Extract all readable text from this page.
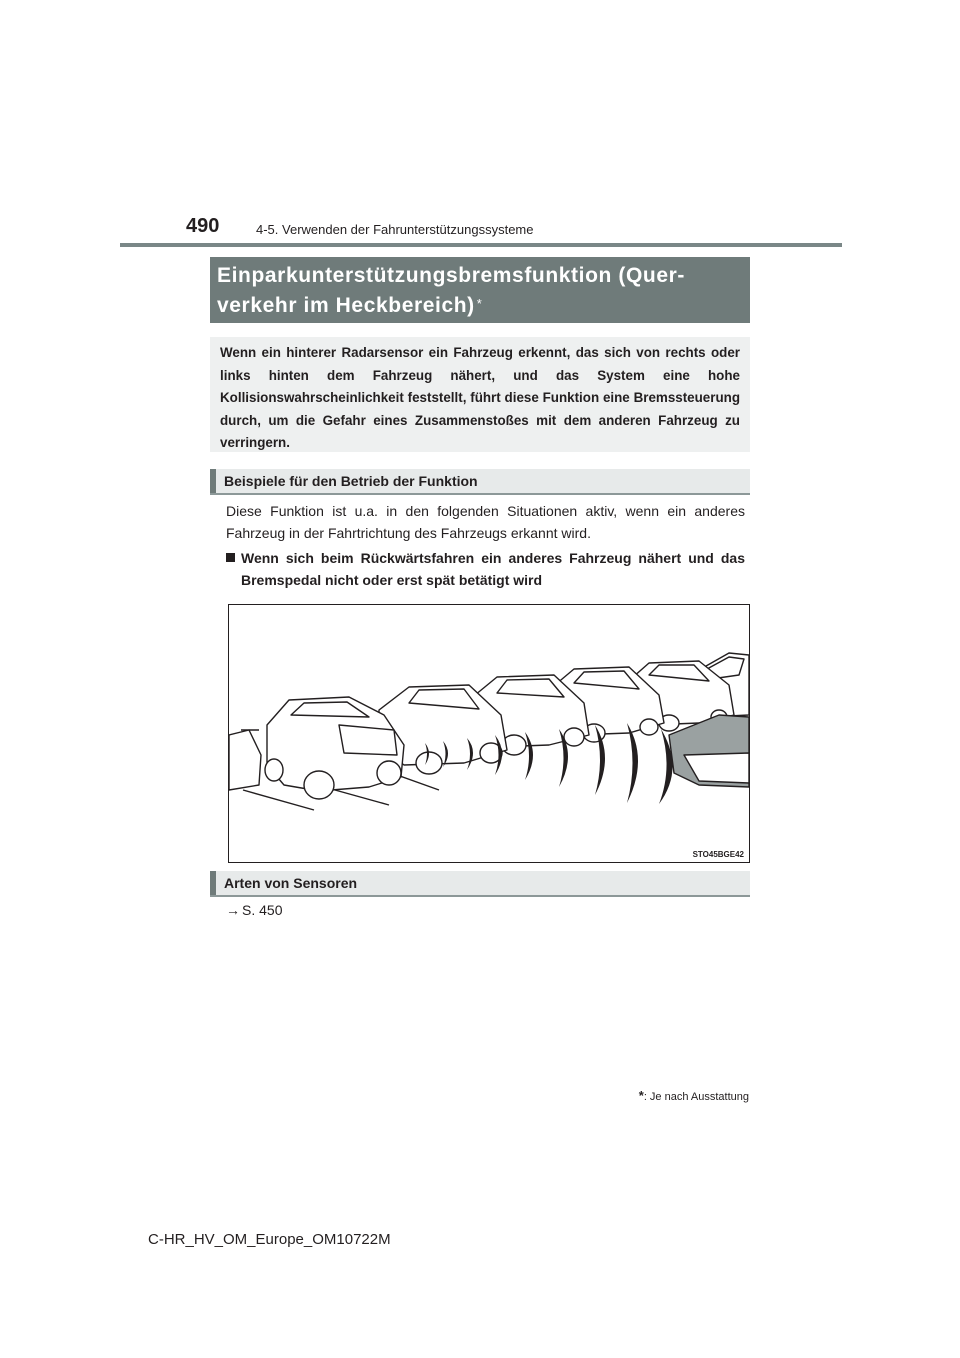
490	4-5. Verwenden der Fahrunterstützungssysteme
Einparkunterstützungsbremsfunktion (Quer-
verkehr im Heckbereich) *
Wenn ein hinterer Radarsensor ein Fahrzeug erkennt, das sich von rechts oder links hinten dem Fahrzeug nähert, und das System eine hohe Kollisionswahrscheinlichkeit feststellt, führt diese Funktion eine Bremssteuerung durch, um die Gefahr eines Zusammenstoßes mit dem anderen Fahrzeug zu verringern.
Beispiele für den Betrieb der Funktion
Diese Funktion ist u.a. in den folgenden Situationen aktiv, wenn ein anderes Fahrzeug in der Fahrtrichtung des Fahrzeugs erkannt wird.
Wenn sich beim Rückwärtsfahren ein anderes Fahrzeug nähert und das Bremspedal nicht oder erst spät betätigt wird
STO45BGE42
Arten von Sensoren
→ S. 450
*: Je nach Ausstattung
C-HR_HV_OM_Europe_OM10722M
